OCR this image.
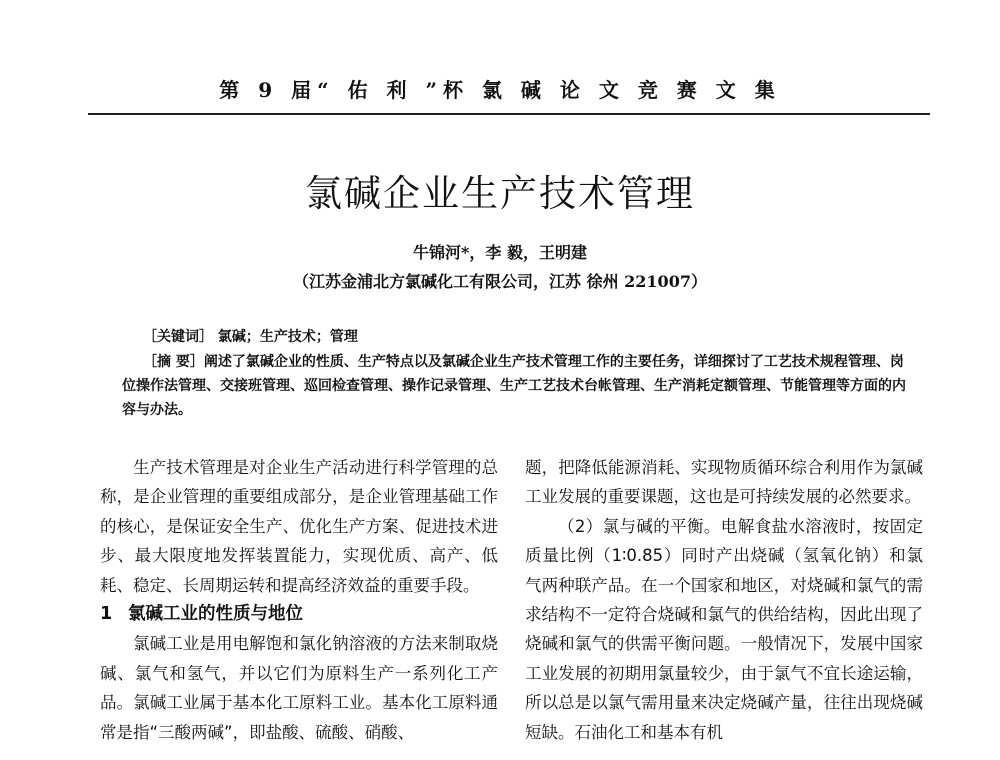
第 9 届“ 佑 利 ”杯 氯 碱 论 文 竞 赛 文 集
氯碱企业生产技术管理
牛锦河*，李 毅，王明建
（江苏金浦北方氯碱化工有限公司，江苏 徐州 221007）
［关键词］ 氯碱；生产技术；管理
［摘 要］阐述了氯碱企业的性质、生产特点以及氯碱企业生产技术管理工作的主要任务，详细探讨了工艺技术规程管理、岗位操作法管理、交接班管理、巡回检查管理、操作记录管理、生产工艺技术台帐管理、生产消耗定额管理、节能管理等方面的内容与办法。

生产技术管理是对企业生产活动进行科学管理的总称，是企业管理的重要组成部分，是企业管理基础工作的核心，是保证安全生产、优化生产方案、促进技术进步、最大限度地发挥装置能力，实现优质、高产、低耗、稳定、长周期运转和提高经济效益的重要手段。

1 氯碱工业的性质与地位

氯碱工业是用电解饱和氯化钠溶液的方法来制取烧碱、氯气和氢气，并以它们为原料生产一系列化工产品。氯碱工业属于基本化工原料工业。基本化工原料通常是指“三酸两碱”，即盐酸、硫酸、硝酸、

题，把降低能源消耗、实现物质循环综合利用作为氯碱工业发展的重要课题，这也是可持续发展的必然要求。

（2）氯与碱的平衡。电解食盐水溶液时，按固定质量比例（1∶0.85）同时产出烧碱（氢氧化钠）和氯气两种联产品。在一个国家和地区，对烧碱和氯气的需求结构不一定符合烧碱和氯气的供给结构，因此出现了烧碱和氯气的供需平衡问题。一般情况下，发展中国家工业发展的初期用氯量较少，由于氯气不宜长途运输，所以总是以氯气需用量来决定烧碱产量，往往出现烧碱短缺。石油化工和基本有机
